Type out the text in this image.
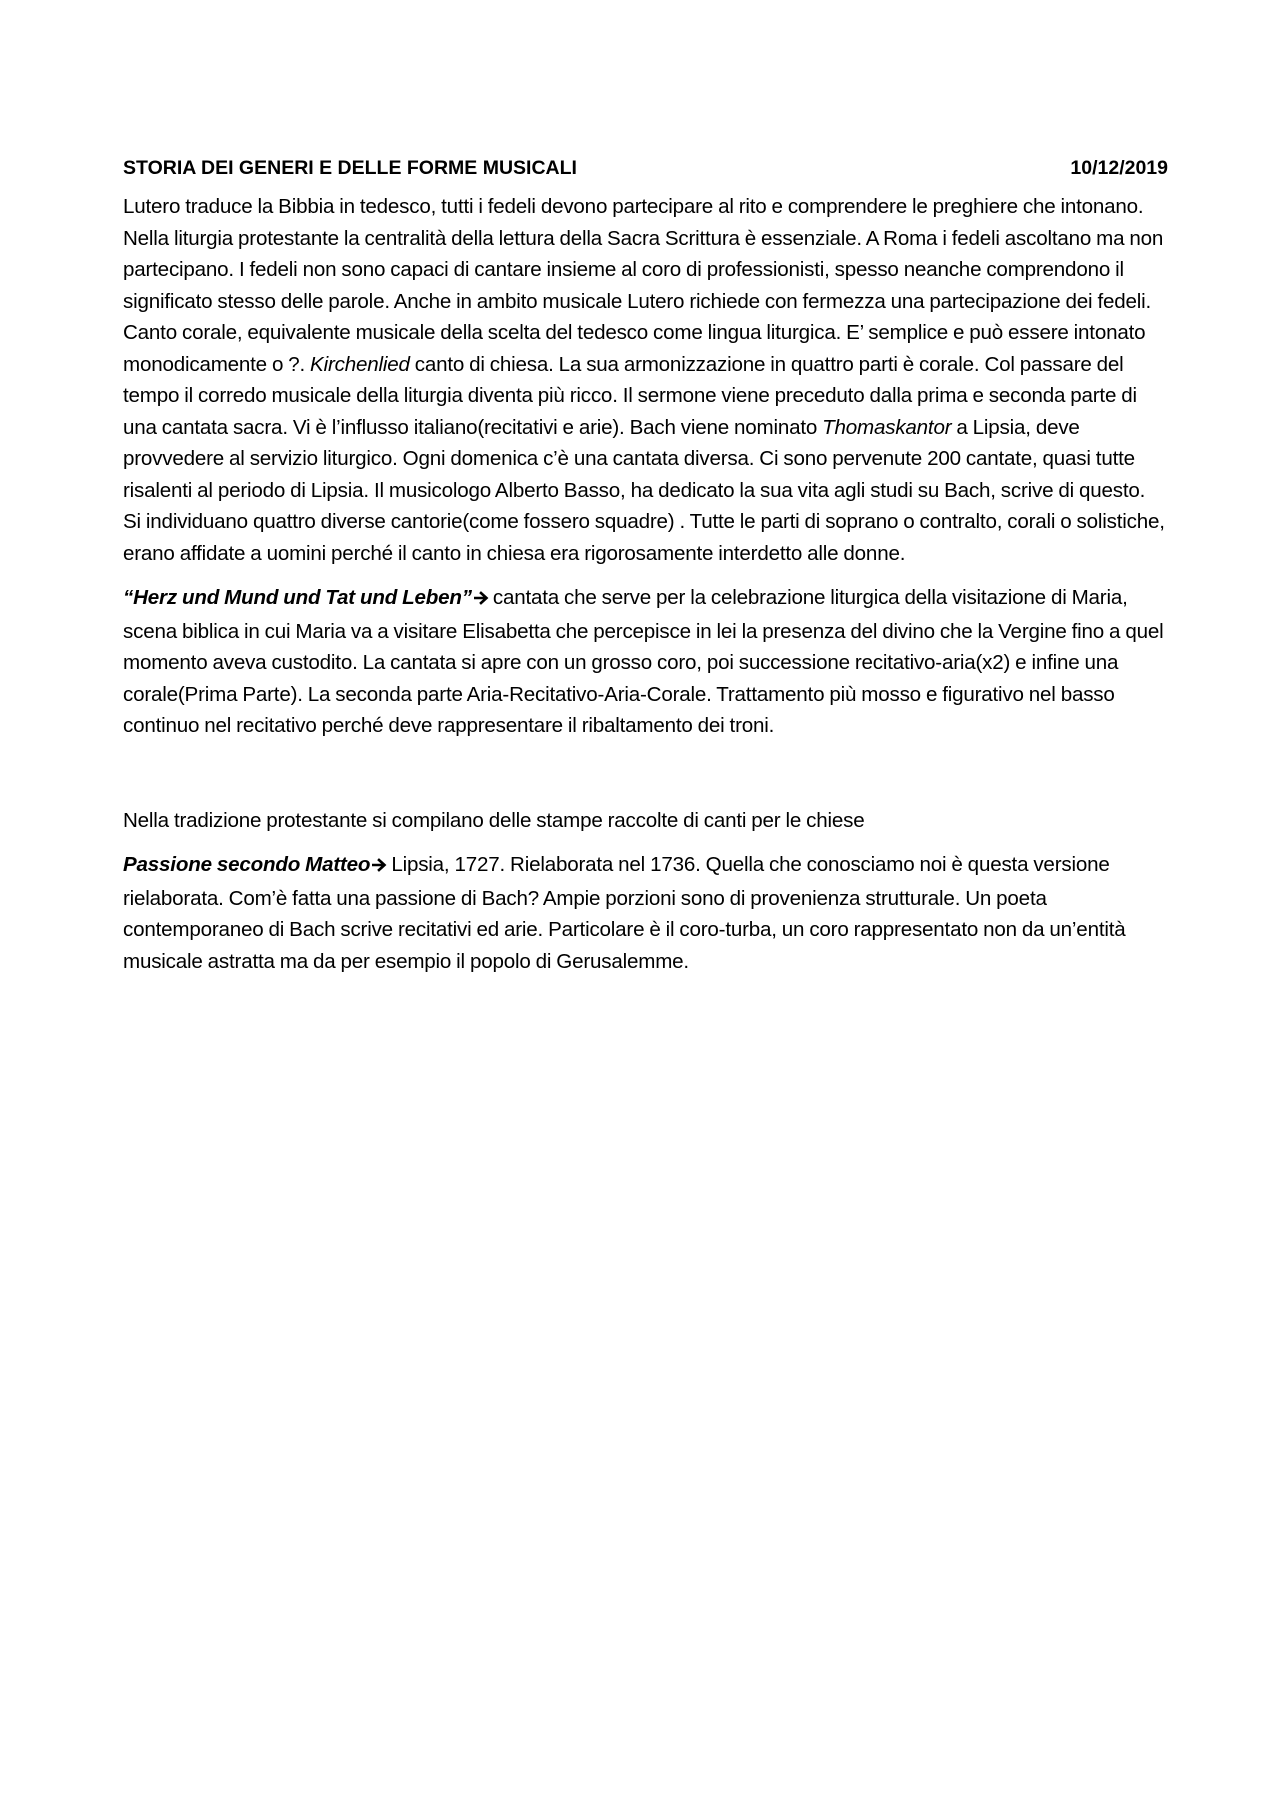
STORIA DEI GENERI E DELLE FORME MUSICALI	10/12/2019

Lutero traduce la Bibbia in tedesco, tutti i fedeli devono partecipare al rito e comprendere le preghiere che intonano. Nella liturgia protestante la centralità della lettura della Sacra Scrittura è essenziale. A Roma i fedeli ascoltano ma non partecipano. I fedeli non sono capaci di cantare insieme al coro di professionisti, spesso neanche comprendono il significato stesso delle parole. Anche in ambito musicale Lutero richiede con fermezza una partecipazione dei fedeli. Canto corale, equivalente musicale della scelta del tedesco come lingua liturgica. E’ semplice e può essere intonato monodicamente o ?. Kirchenlied canto di chiesa. La sua armonizzazione in quattro parti è corale. Col passare del tempo il corredo musicale della liturgia diventa più ricco. Il sermone viene preceduto dalla prima e seconda parte di una cantata sacra. Vi è l’influsso italiano(recitativi e arie). Bach viene nominato Thomaskantor a Lipsia, deve provvedere al servizio liturgico. Ogni domenica c’è una cantata diversa. Ci sono pervenute 200 cantate, quasi tutte risalenti al periodo di Lipsia. Il musicologo Alberto Basso, ha dedicato la sua vita agli studi su Bach, scrive di questo. Si individuano quattro diverse cantorie(come fossero squadre) . Tutte le parti di soprano o contralto, corali o solistiche, erano affidate a uomini perché il canto in chiesa era rigorosamente interdetto alle donne.

“Herz und Mund und Tat und Leben” cantata che serve per la celebrazione liturgica della visitazione di Maria, scena biblica in cui Maria va a visitare Elisabetta che percepisce in lei la presenza del divino che la Vergine fino a quel momento aveva custodito. La cantata si apre con un grosso coro, poi successione recitativo-aria(x2) e infine una corale(Prima Parte). La seconda parte Aria-Recitativo-Aria-Corale. Trattamento più mosso e figurativo nel basso continuo nel recitativo perché deve rappresentare il ribaltamento dei troni.

Nella tradizione protestante si compilano delle stampe raccolte di canti per le chiese

Passione secondo Matteo Lipsia, 1727. Rielaborata nel 1736. Quella che conosciamo noi è questa versione rielaborata. Com’è fatta una passione di Bach? Ampie porzioni sono di provenienza strutturale. Un poeta contemporaneo di Bach scrive recitativi ed arie. Particolare è il coro-turba, un coro rappresentato non da un’entità musicale astratta ma da per esempio il popolo di Gerusalemme.
